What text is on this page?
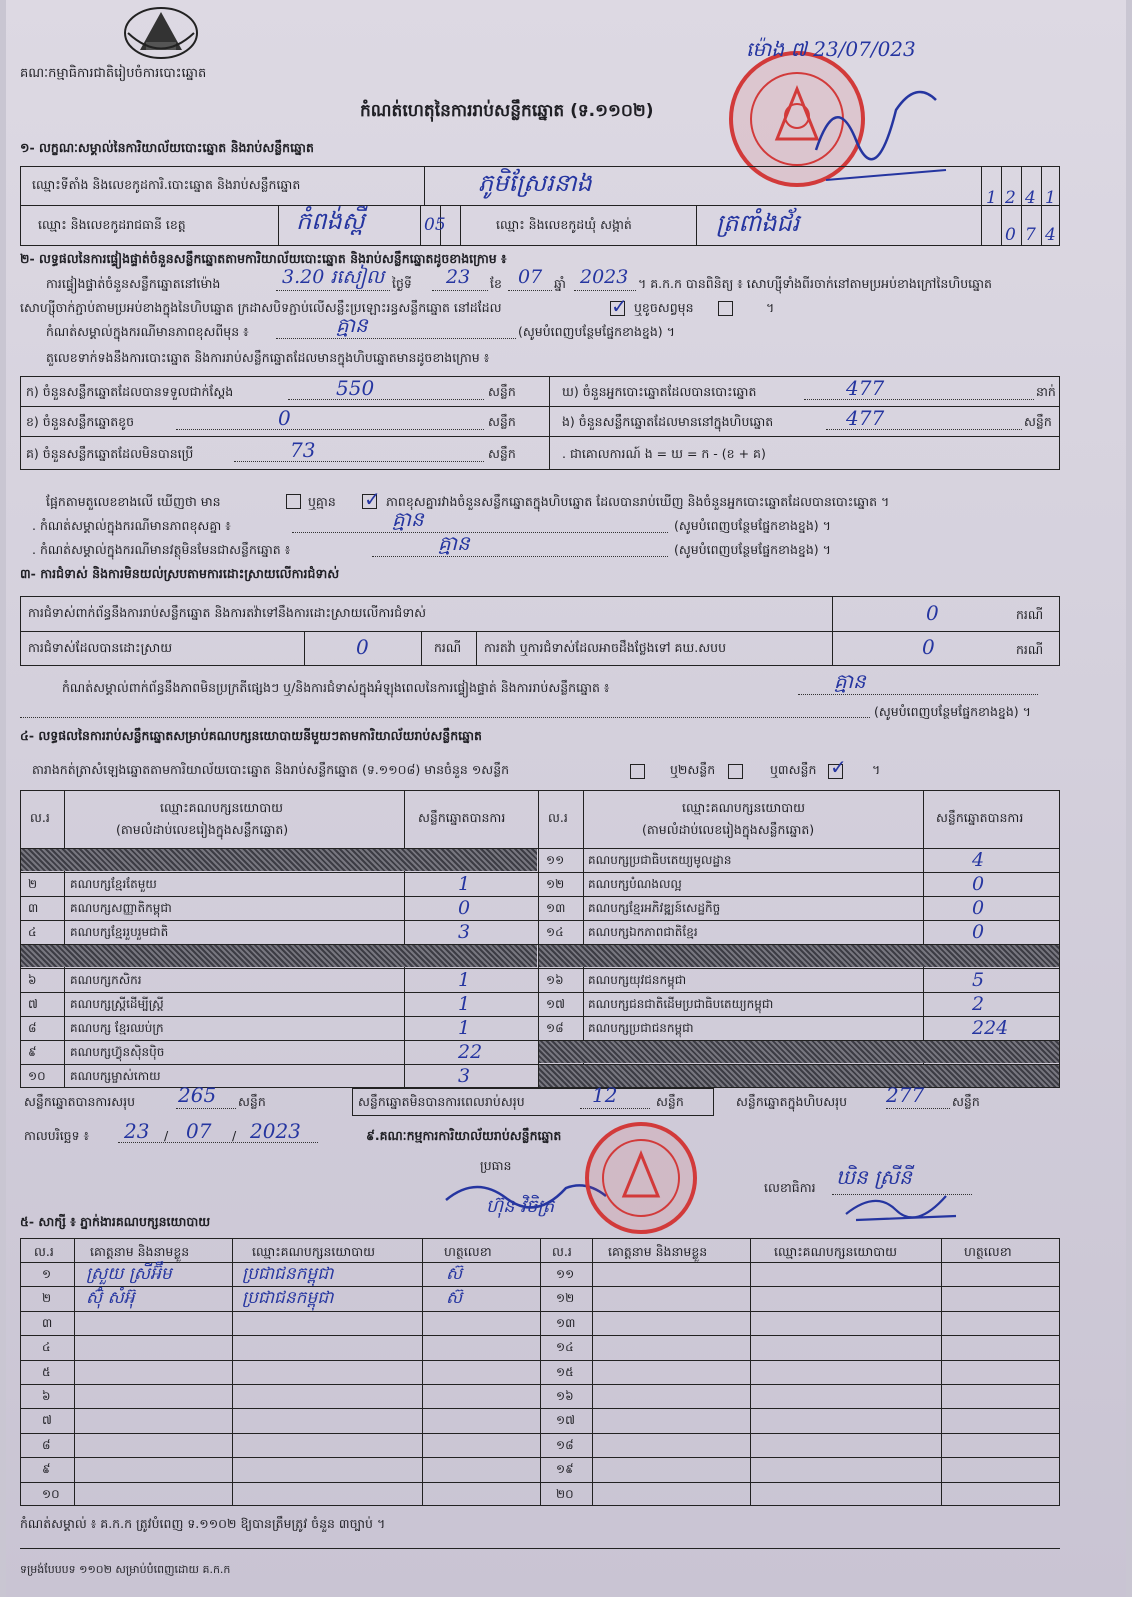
គណៈកម្មាធិការជាតិរៀបចំការបោះឆ្នោត
កំណត់ហេតុនៃការរាប់សន្លឹកឆ្នោត (ទ.១១០២)
ម៉ោង ៧ 23/07/023
១- លក្ខណៈសម្គាល់នៃការិយាល័យបោះឆ្នោត និងរាប់សន្លឹកឆ្នោត
ឈ្មោះទីតាំង និងលេខកូដការិ.បោះឆ្នោត និងរាប់សន្លឹកឆ្នោត	ភូមិស្រែរនាង
1 2 4 1
ឈ្មោះ និងលេខកូដរាជធានី ខេត្ត	កំពង់ស្ពឺ	05	ឈ្មោះ និងលេខកូដឃុំ សង្កាត់	ត្រពាំងជ័រ	0 7 4
២- លទ្ធផលនៃការផ្ទៀងផ្ទាត់ចំនួនសន្លឹកឆ្នោតតាមការិយាល័យបោះឆ្នោត និងរាប់សន្លឹកឆ្នោតដូចខាងក្រោម ៖
ការផ្ទៀងផ្ទាត់ចំនួនសន្លឹកឆ្នោតនៅម៉ោង	3.20 រសៀល ថ្ងៃទី 23 ខែ 07 ឆ្នាំ 2023 ។ គ.ក.ក បានពិនិត្យ ៖ សោហ្ស៊ីទាំងពីរចាក់នៅតាមប្រអប់ខាងក្រៅនៃហិបឆ្នោត
សោហ្ស៊ីចាក់ភ្ជាប់តាមប្រអប់ខាងក្នុងនៃហិបឆ្នោត ក្រដាសបិទភ្ជាប់លើសន្លឹះប្រឡោះរន្ធសន្លឹកឆ្នោត នៅដដែល	✓ ឬខូចសព្វមុន	។
កំណត់សម្គាល់ក្នុងករណីមានភាពខុសពីមុន ៖	គ្មាន	(សូមបំពេញបន្ថែមផ្នែកខាងខ្នង) ។
តួលេខទាក់ទងនឹងការបោះឆ្នោត និងការរាប់សន្លឹកឆ្នោតដែលមានក្នុងហិបឆ្នោតមានដូចខាងក្រោម ៖
ក) ចំនួនសន្លឹកឆ្នោតដែលបានទទួលជាក់ស្តែង	550	សន្លឹក
ខ) ចំនួនសន្លឹកឆ្នោតខូច	0	សន្លឹក
គ) ចំនួនសន្លឹកឆ្នោតដែលមិនបានប្រើ	73	សន្លឹក
ឃ) ចំនួនអ្នកបោះឆ្នោតដែលបានបោះឆ្នោត	477	នាក់
ង) ចំនួនសន្លឹកឆ្នោតដែលមាននៅក្នុងហិបឆ្នោត	477	សន្លឹក
. ជាគោលការណ៍ ង = ឃ = ក - (ខ + គ)
ផ្អែកតាមតួលេខខាងលើ ឃើញថា មាន	ឬគ្មាន ✓ ភាពខុសគ្នារវាងចំនួនសន្លឹកឆ្នោតក្នុងហិបឆ្នោត ដែលបានរាប់ឃើញ និងចំនួនអ្នកបោះឆ្នោតដែលបានបោះឆ្នោត ។
. កំណត់សម្គាល់ក្នុងករណីមានភាពខុសគ្នា ៖	គ្មាន	(សូមបំពេញបន្ថែមផ្នែកខាងខ្នង) ។
. កំណត់សម្គាល់ក្នុងករណីមានវត្ថុមិនមែនជាសន្លឹកឆ្នោត ៖	គ្មាន	(សូមបំពេញបន្ថែមផ្នែកខាងខ្នង) ។
៣- ការជំទាស់ និងការមិនយល់ស្របតាមការដោះស្រាយលើការជំទាស់
ការជំទាស់ពាក់ព័ន្ធនឹងការរាប់សន្លឹកឆ្នោត និងការតវ៉ាទៅនឹងការដោះស្រាយលើការជំទាស់	0	ករណី
ការជំទាស់ដែលបានដោះស្រាយ	0	ករណី ការតវ៉ា ឬការជំទាស់ដែលអាចដឹងថ្លែងទៅ គឃ.សបប	0	ករណី
កំណត់សម្គាល់ពាក់ព័ន្ធនឹងភាពមិនប្រក្រតីផ្សេងៗ ឬ/និងការជំទាស់ក្នុងអំឡុងពេលនៃការផ្ទៀងផ្ទាត់ និងការរាប់សន្លឹកឆ្នោត ៖	គ្មាន
(សូមបំពេញបន្ថែមផ្នែកខាងខ្នង) ។
៤- លទ្ធផលនៃការរាប់សន្លឹកឆ្នោតសម្រាប់គណបក្សនយោបាយនីមួយៗតាមការិយាល័យរាប់សន្លឹកឆ្នោត
តារាងកត់ត្រាសំឡេងឆ្នោតតាមការិយាល័យបោះឆ្នោត និងរាប់សន្លឹកឆ្នោត (ទ.១១០៨) មានចំនួន ១សន្លឹក	ឬ២សន្លឹក	ឬ៣សន្លឹក ✓ ។
ល.រ
ឈ្មោះគណបក្សនយោបាយ
(តាមលំដាប់លេខរៀងក្នុងសន្លឹកឆ្នោត)
សន្លឹកឆ្នោតបានការ	ល.រ
ឈ្មោះគណបក្សនយោបាយ
(តាមលំដាប់លេខរៀងក្នុងសន្លឹកឆ្នោត)
សន្លឹកឆ្នោតបានការ
២	គណបក្សខ្មែរតែមួយ	1
៣	គណបក្សសញ្ញាតិកម្ពុជា	0
៤	គណបក្សខ្មែររួបរួមជាតិ	3
៦	គណបក្សកសិករ	1
៧	គណបក្សស្ត្រីដើម្បីស្ត្រី	1
៨	គណបក្ស ខ្មែរឈប់ក្រ	1
៩	គណបក្សហ៊្វុនស៊ិនប៉ិច	22
១០ គណបក្សម្ចាស់កោយ	3
១១ គណបក្សប្រជាធិបតេយ្យមូលដ្ឋាន	4
១២ គណបក្សបំណងលល្អ	0
១៣ គណបក្សខ្មែរអភិវឌ្ឍន៍សេដ្ឋកិច្ច	0
១៤ គណបក្សឯកភាពជាតិខ្មែរ	0
១៦ គណបក្សយុវជនកម្ពុជា	5
១៧ គណបក្សជនជាតិដើមប្រជាធិបតេយ្យកម្ពុជា	2
១៨ គណបក្សប្រជាជនកម្ពុជា	224
សន្លឹកឆ្នោតបានការសរុប 265 សន្លឹក	សន្លឹកឆ្នោតមិនបានការពេលរាប់សរុប	12	សន្លឹក	សន្លឹកឆ្នោតក្នុងហិបសរុប 277 សន្លឹក
កាលបរិច្ឆេទ ៖ 23 / 07 / 2023	៩.គណៈកម្មការការិយាល័យរាប់សន្លឹកឆ្នោត
ប្រធាន
ហ៊ុន វិចិត្រ
លេខាធិការ ឃិន ស្រីនី
៥- សាក្សី ៖ ភ្នាក់ងារគណបក្សនយោបាយ
ល.រ	គោត្តនាម និងនាមខ្លួន	ឈ្មោះគណបក្សនយោបាយ	ហត្ថលេខា	ល.រ	គោត្តនាម និងនាមខ្លួន	ឈ្មោះគណបក្សនយោបាយ	ហត្ថលេខា
១ ស្រួយ ស្រីអ៊ឹម	ប្រជាជនកម្ពុជា	ស៊	១១
២ ស៊ុំ សំអ៊ុ	ប្រជាជនកម្ពុជា	ស៊	១២
៣	១៣
៤	១៤
៥	១៥
៦	១៦
៧	១៧
៨	១៨
៩	១៩
១០	២០
កំណត់សម្គាល់ ៖ គ.ក.ក ត្រូវបំពេញ ទ.១១០២ ឱ្យបានត្រឹមត្រូវ ចំនួន ៣ច្បាប់ ។
ទម្រង់បែបបទ ១១០២ សម្រាប់បំពេញដោយ គ.ក.ក
